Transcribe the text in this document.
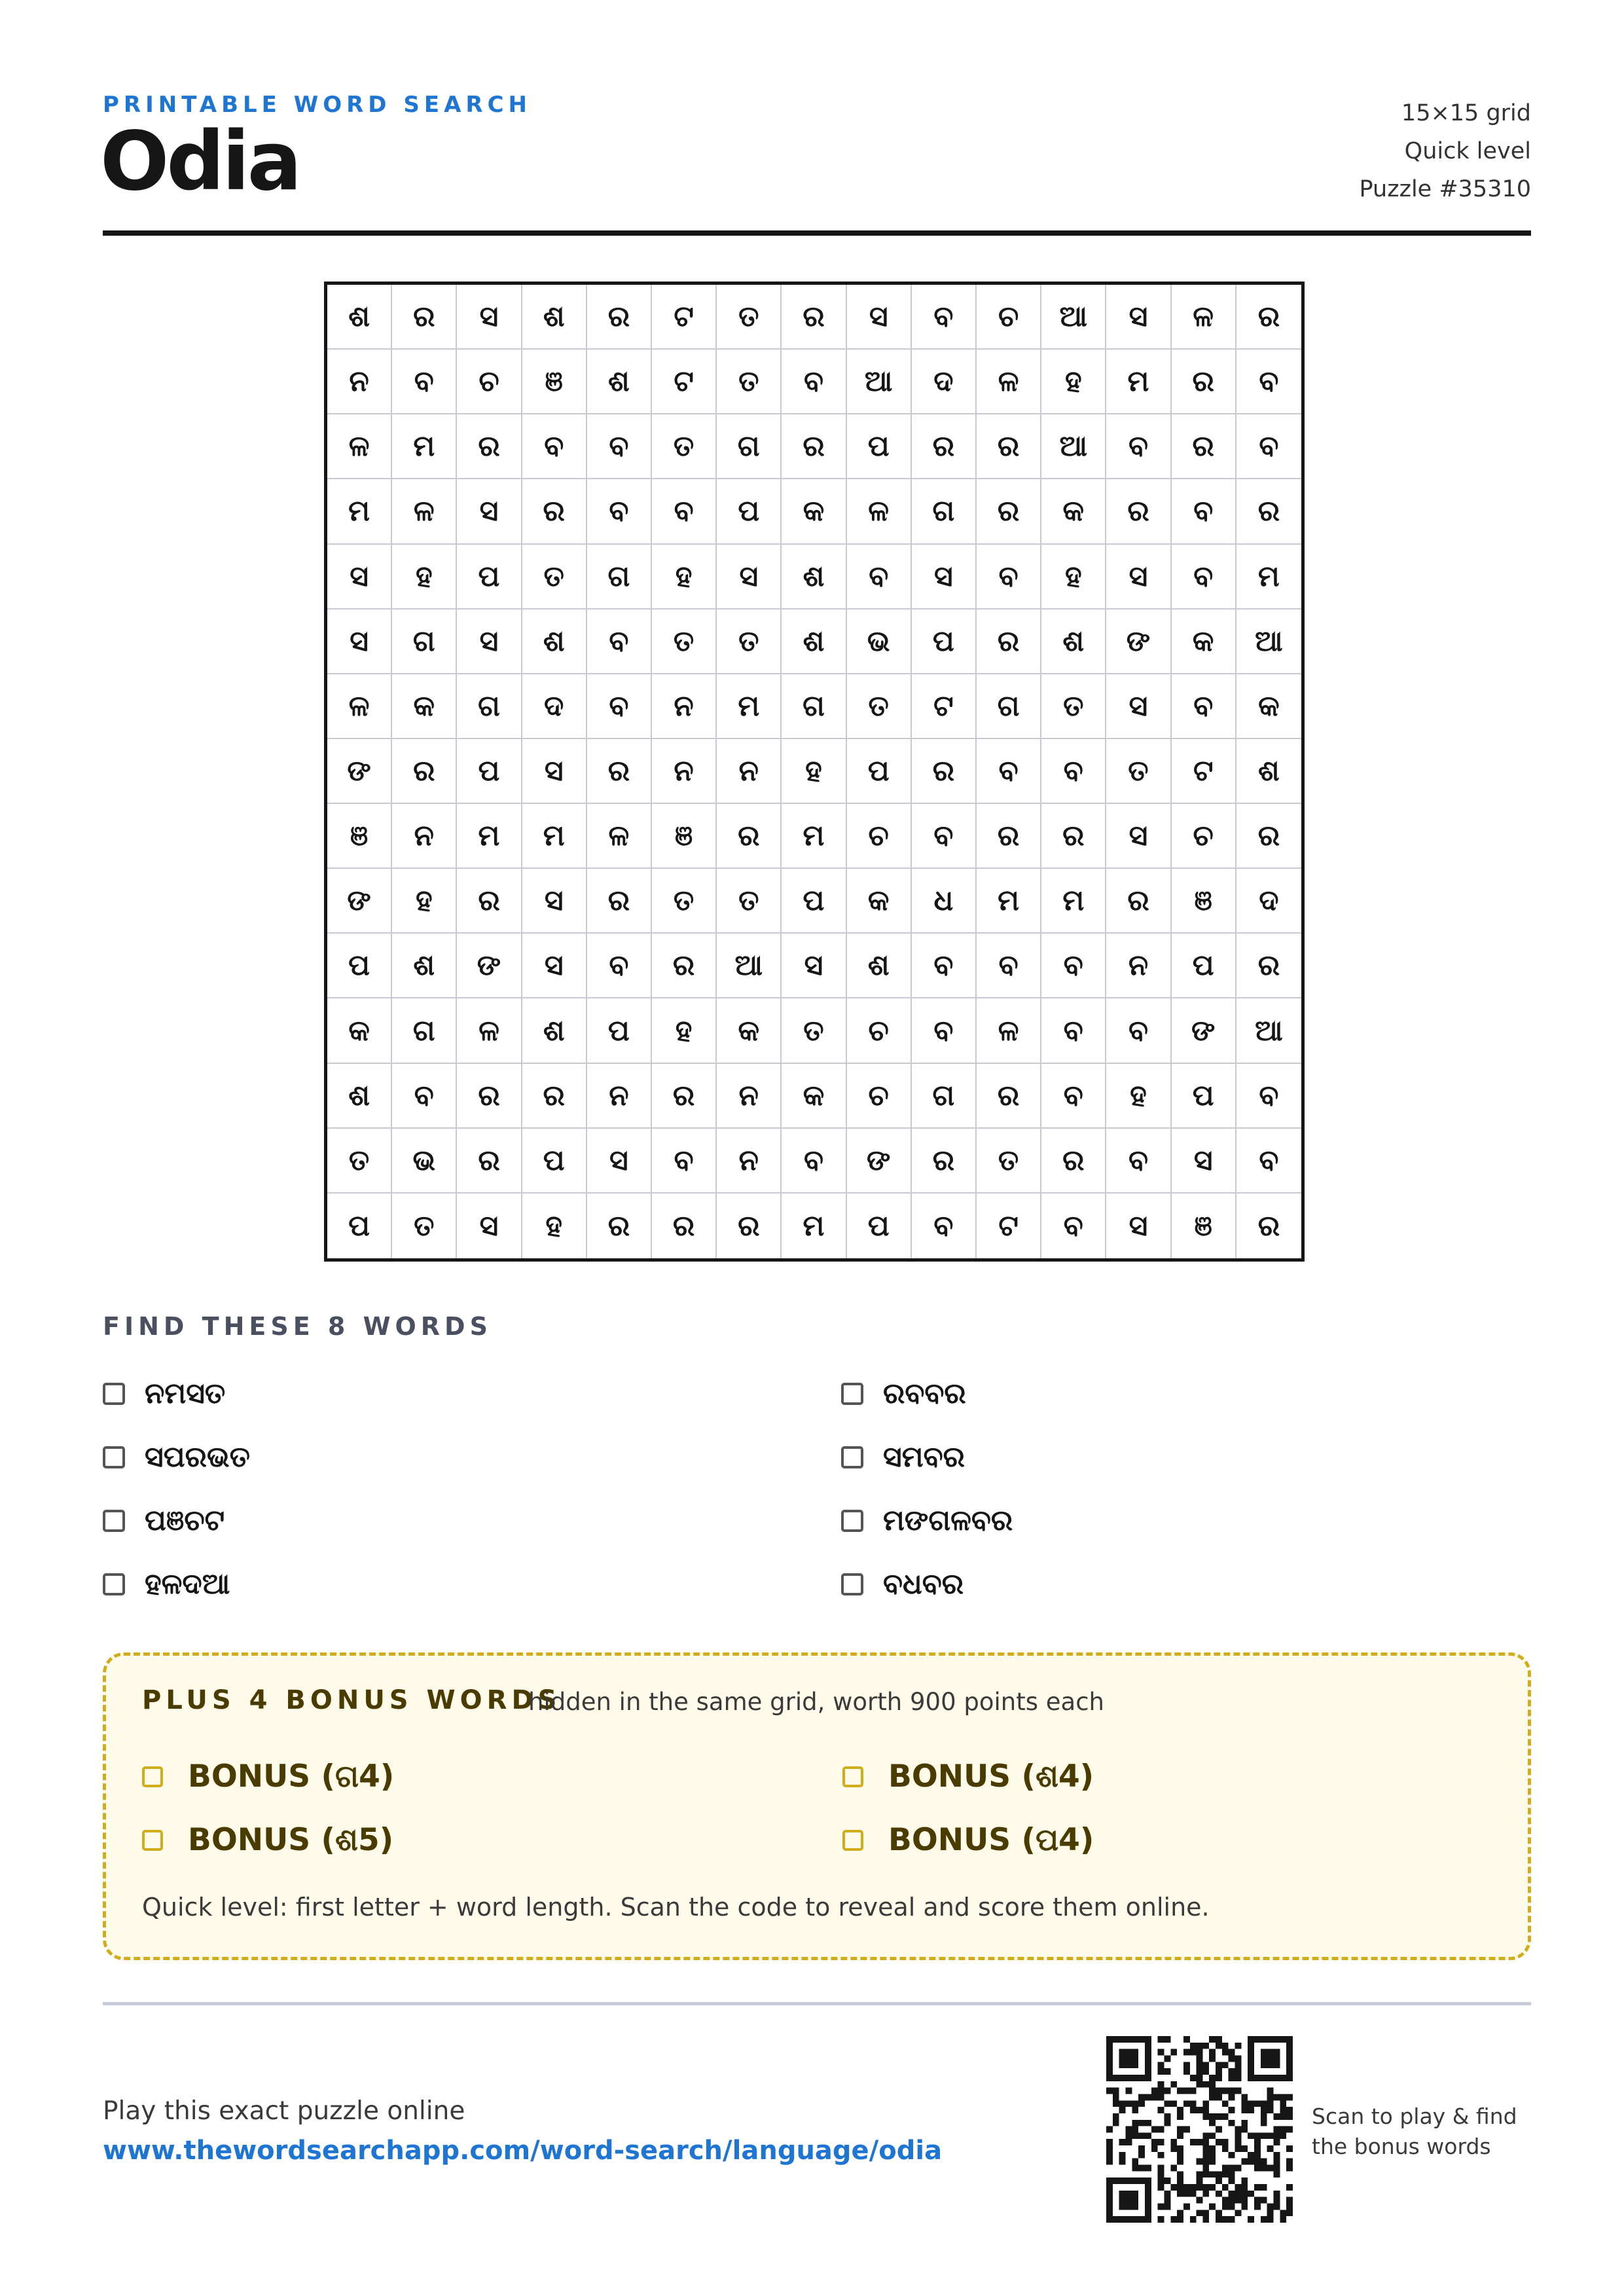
PRINTABLE WORD SEARCH
Odia
15×15 grid
Quick level
Puzzle #35310
ଶ	ର	ସ	ଶ	ର	ଟ	ତ	ର	ସ	ବ	ଚ	ଆ	ସ	ଳ	ର
ନ	ବ	ଚ	ଞ	ଶ	ଟ	ତ	ବ	ଆ	ଦ	ଳ	ହ	ମ	ର	ବ
ଳ	ମ	ର	ବ	ବ	ତ	ଗ	ର	ପ	ର	ର	ଆ	ବ	ର	ବ
ମ	ଳ	ସ	ର	ବ	ବ	ପ	କ	ଳ	ଗ	ର	କ	ର	ବ	ର
ସ	ହ	ପ	ତ	ଗ	ହ	ସ	ଶ	ବ	ସ	ବ	ହ	ସ	ବ	ମ
ସ	ଗ	ସ	ଶ	ବ	ତ	ତ	ଶ	ଭ	ପ	ର	ଶ	ଙ	କ	ଆ
ଳ	କ	ଗ	ଦ	ବ	ନ	ମ	ଗ	ତ	ଟ	ଗ	ତ	ସ	ବ	କ
ଙ	ର	ପ	ସ	ର	ନ	ନ	ହ	ପ	ର	ବ	ବ	ତ	ଟ	ଶ
ଞ	ନ	ମ	ମ	ଳ	ଞ	ର	ମ	ଚ	ବ	ର	ର	ସ	ଚ	ର
ଙ	ହ	ର	ସ	ର	ତ	ତ	ପ	କ	ଧ	ମ	ମ	ର	ଞ	ଦ
ପ	ଶ	ଙ	ସ	ବ	ର	ଆ	ସ	ଶ	ବ	ବ	ବ	ନ	ପ	ର
କ	ଗ	ଳ	ଶ	ପ	ହ	କ	ତ	ଚ	ବ	ଳ	ବ	ବ	ଙ	ଆ
ଶ	ବ	ର	ର	ନ	ର	ନ	କ	ଚ	ଗ	ର	ବ	ହ	ପ	ବ
ତ	ଭ	ର	ପ	ସ	ବ	ନ	ବ	ଙ	ର	ତ	ର	ବ	ସ	ବ
ପ	ତ	ସ	ହ	ର	ର	ର	ମ	ପ	ବ	ଟ	ବ	ସ	ଞ	ର
FIND THESE 8 WORDS
ନମସତ	ରବବର
ସପରଭତ	ସମବର
ପଞଚଟ	ମଙଗଳବର
ହଳଦଆ	ବଧବର
PLUS 4 BONUS WORDS
hidden in the same grid, worth 900 points each
BONUS (ଗ4)	BONUS (ଶ4)
BONUS (ଶ5)	BONUS (ପ4)
Quick level: first letter + word length. Scan the code to reveal and score them online.
Play this exact puzzle online
www.thewordsearchapp.com/word-search/language/odia
Scan to play & find
the bonus words
